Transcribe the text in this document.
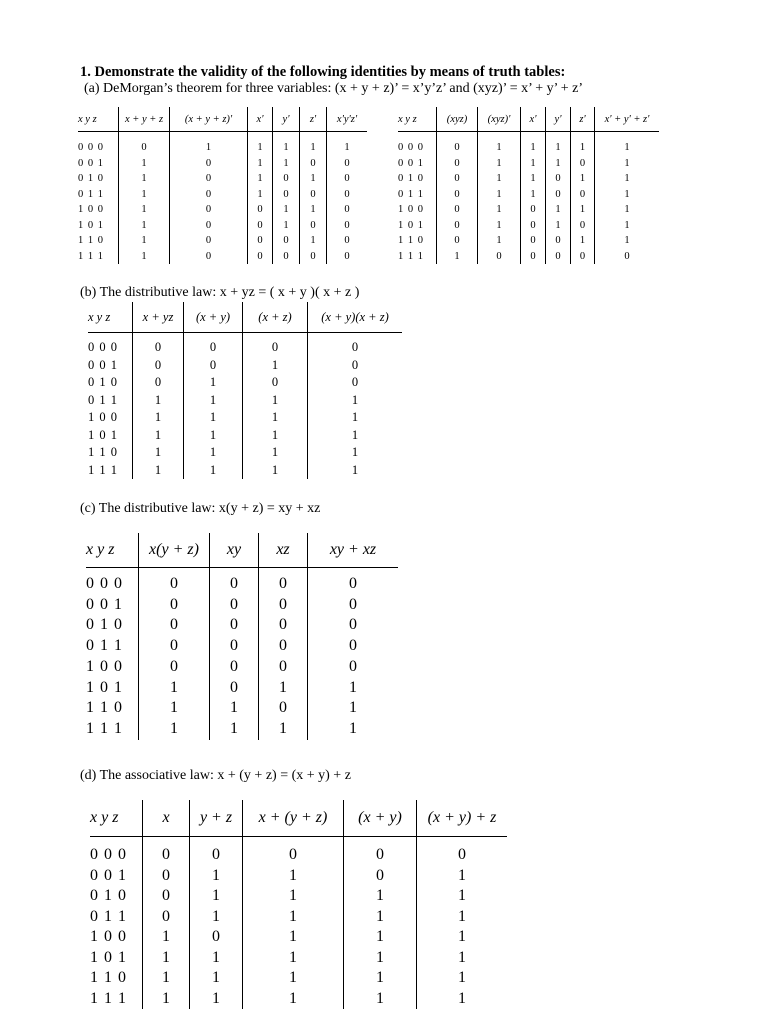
1. Demonstrate the validity of the following identities by means of truth tables:
(a) DeMorgan’s theorem for three variables: (x + y + z)’ = x’y’z’ and (xyz)’ = x’ + y’ + z’
x y z	x + y + z	(x + y + z)'	x'	y'	z'	x'y'z'
0 0 0	0	1	1	1	1	1
0 0 1	1	0	1	1	0	0
0 1 0	1	0	1	0	1	0
0 1 1	1	0	1	0	0	0
1 0 0	1	0	0	1	1	0
1 0 1	1	0	0	1	0	0
1 1 0	1	0	0	0	1	0
1 1 1	1	0	0	0	0	0
x y z	(xyz)	(xyz)'	x'	y'	z'	x' + y' + z'
0 0 0	0	1	1	1	1	1
0 0 1	0	1	1	1	0	1
0 1 0	0	1	1	0	1	1
0 1 1	0	1	1	0	0	1
1 0 0	0	1	0	1	1	1
1 0 1	0	1	0	1	0	1
1 1 0	0	1	0	0	1	1
1 1 1	1	0	0	0	0	0
(b) The distributive law: x + yz = ( x + y )( x + z )
x y z	x + yz	(x + y)	(x + z)	(x + y)(x + z)
0 0 0	0	0	0	0
0 0 1	0	0	1	0
0 1 0	0	1	0	0
0 1 1	1	1	1	1
1 0 0	1	1	1	1
1 0 1	1	1	1	1
1 1 0	1	1	1	1
1 1 1	1	1	1	1
(c) The distributive law: x(y + z) = xy + xz
x y z	x(y + z)	xy	xz	xy + xz
0 0 0	0	0	0	0
0 0 1	0	0	0	0
0 1 0	0	0	0	0
0 1 1	0	0	0	0
1 0 0	0	0	0	0
1 0 1	1	0	1	1
1 1 0	1	1	0	1
1 1 1	1	1	1	1
(d) The associative law: x + (y + z) = (x + y) + z
x y z	x	y + z	x + (y + z)	(x + y)	(x + y) + z
0 0 0	0	0	0	0	0
0 0 1	0	1	1	0	1
0 1 0	0	1	1	1	1
0 1 1	0	1	1	1	1
1 0 0	1	0	1	1	1
1 0 1	1	1	1	1	1
1 1 0	1	1	1	1	1
1 1 1	1	1	1	1	1
